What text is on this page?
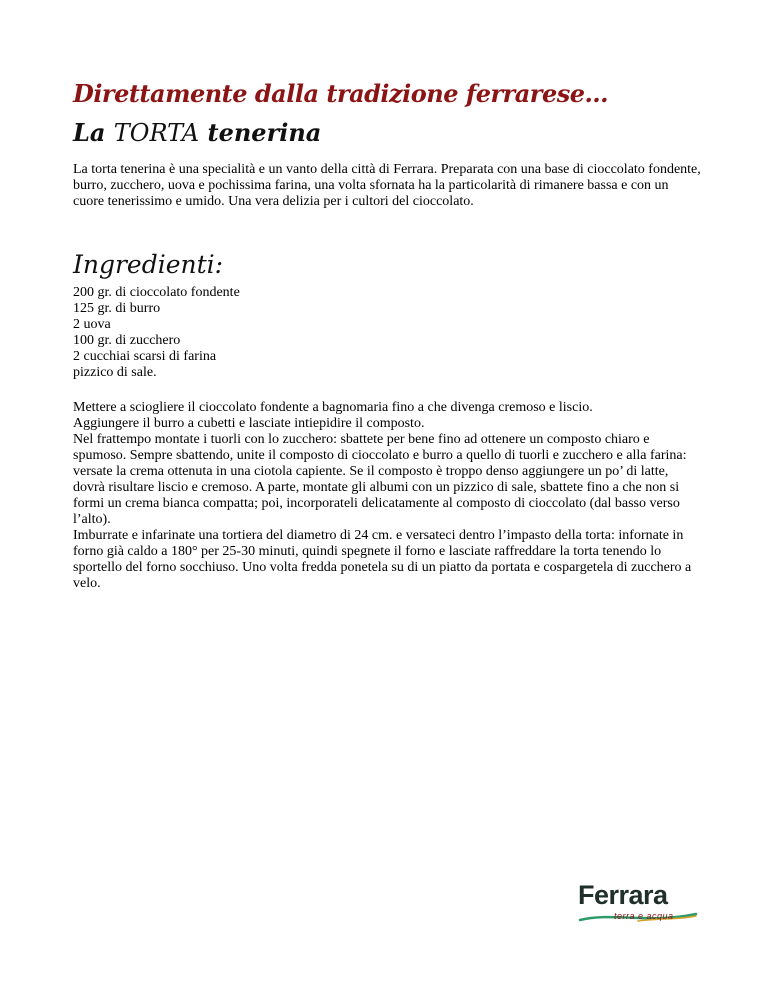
Direttamente dalla tradizione ferrarese…
La TORTA tenerina
La torta tenerina è una specialità e un vanto della città di Ferrara. Preparata con una base di cioccolato fondente, burro, zucchero, uova e pochissima farina, una volta sfornata ha la particolarità di rimanere bassa e con un cuore tenerissimo e umido. Una vera delizia per i cultori del cioccolato.
Ingredienti:
200 gr. di cioccolato fondente
125 gr. di burro
2 uova
100 gr. di zucchero
2 cucchiai scarsi di farina
pizzico di sale.

Mettere a sciogliere il cioccolato fondente a bagnomaria fino a che divenga cremoso e liscio.

Aggiungere il burro a cubetti e lasciate intiepidire il composto.

Nel frattempo montate i tuorli con lo zucchero: sbattete per bene fino ad ottenere un composto chiaro e spumoso. Sempre sbattendo, unite il composto di cioccolato e burro a quello di tuorli e zucchero e alla farina: versate la crema ottenuta in una ciotola capiente. Se il composto è troppo denso aggiungere un po’ di latte, dovrà risultare liscio e cremoso. A parte, montate gli albumi con un pizzico di sale, sbattete fino a che non si formi un crema bianca compatta; poi, incorporateli delicatamente al composto di cioccolato (dal basso verso l’alto).

Imburrate e infarinate una tortiera del diametro di 24 cm. e versateci dentro l’impasto della torta: infornate in forno già caldo a 180° per 25-30 minuti, quindi spegnete il forno e lasciate raffreddare la torta tenendo lo sportello del forno socchiuso. Uno volta fredda ponetela su di un piatto da portata e cospargetela di zucchero a velo.

Ferrara
terra e acqua
